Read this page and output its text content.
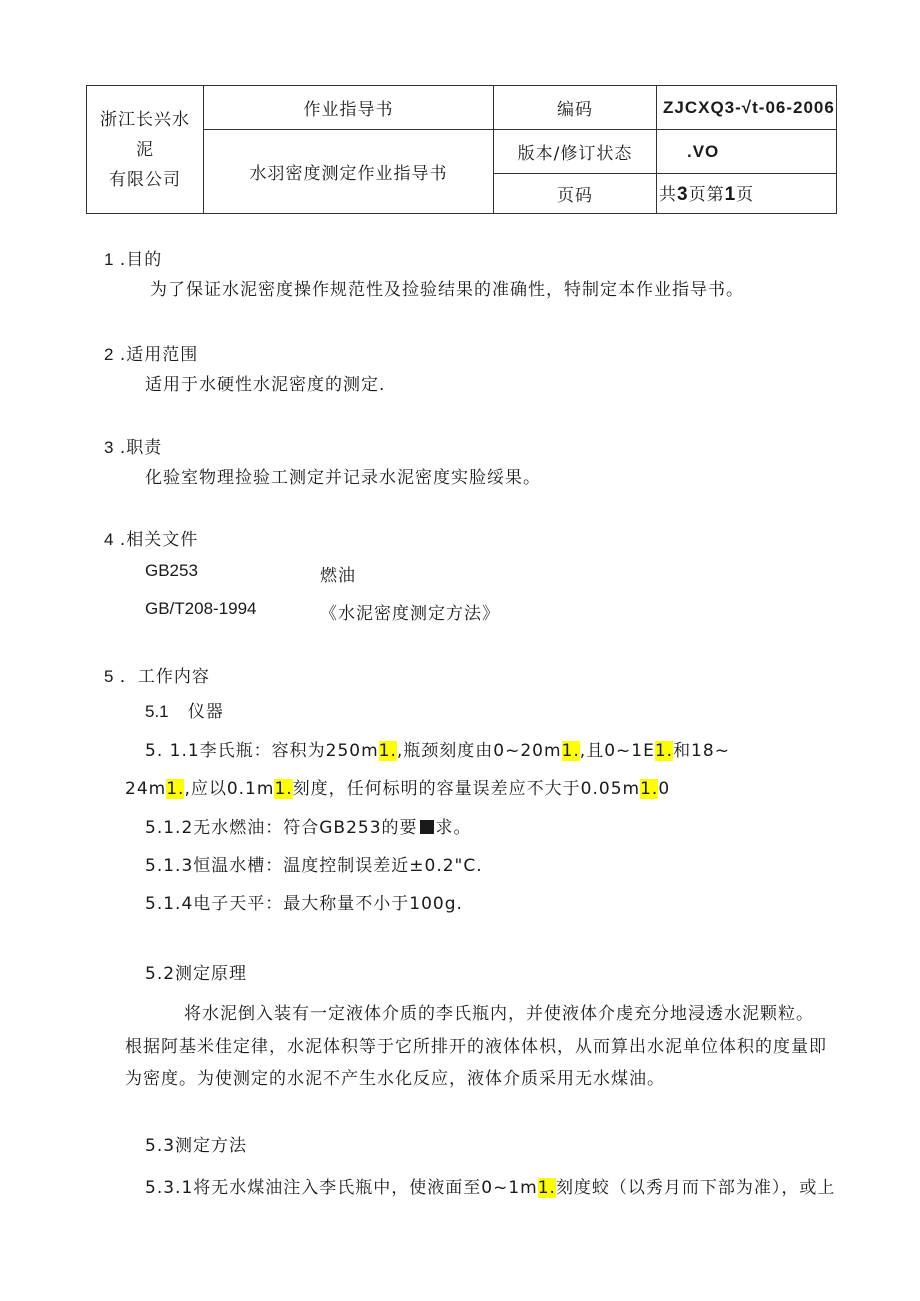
浙江长兴水
泥
有限公司	作业指导书	编码	ZJCXQ3-√t-06-2006
	水羽密度测定作业指导书	版本/修订状态	.VO
		页码	共3页第1页
1 .目的
为了保证水泥密度操作规范性及捡验结果的准确性，特制定本作业指导书。
2 .适用范围
适用于水硬性水泥密度的测定.
3 .职责
化验室物理捡验工测定并记录水泥密度实脸绥果。
4 .相关文件
GB253	燃油
GB/T208-1994	《水泥密度测定方法》
5 ．工作内容
5.1 仪器
5. 1.1李氏瓶：容积为250m1.,瓶颈刻度由0~20m1.,且0~1E1.和18~
24m1.,应以0.1m1.刻度，任何标明的容量误差应不大于0.05m1.0
5.1.2无水燃油：符合GB253的要 求。
5.1.3恒温水槽：温度控制误差近±0.2"C.
5.1.4电子天平：最大称量不小于100g.
5.2测定原理
将水泥倒入装有一定液体介质的李氏瓶内，并使液体介虔充分地浸透水泥颗粒。
根据阿基米佳定律，水泥体积等于它所排开的液体体枳，从而算出水泥单位体积的度量即
为密度。为使测定的水泥不产生水化反应，液体介质采用无水煤油。
5.3测定方法
5.3.1将无水煤油注入李氏瓶中，使液面至0~1m1.刻度蛟（以秀月而下部为准），或上
